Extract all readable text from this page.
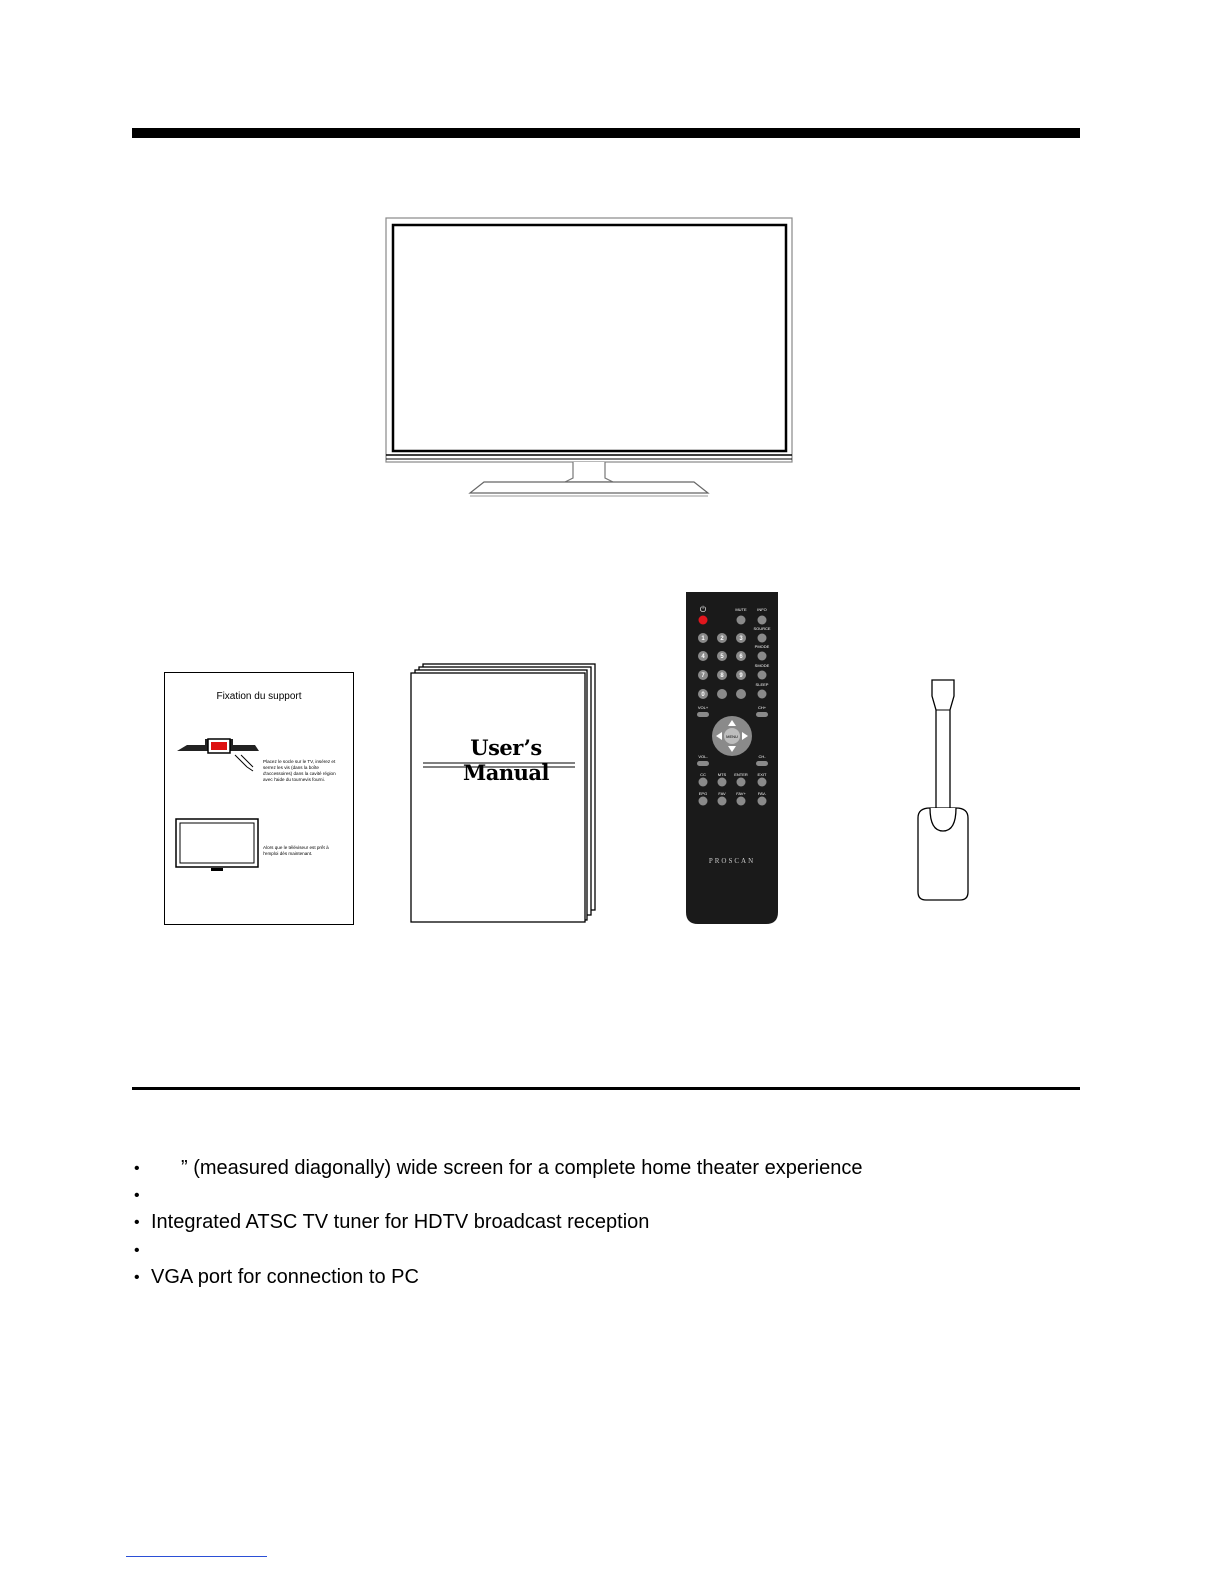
Fixation du support
Placez le socle sur le TV, insérez et serrez les vis (dans la boîte d'accessoires) dans la cavité région avec l'aide du tournevis fourni.
Alors que le téléviseur est prêt à l'emploi dès maintenant.
User’s Manual
⏻	MUTE	INFO
SOURCE
PMODE
SMODE
SLEEP
VOL+	CH+
VOL-	CH-
CC	MTS ENTER EXIT
EPG	FAV	FAV+	FAV-
1	2	3
4	5	6
7	8	9
0
MENU
PROSCAN
• ” (measured diagonally) wide screen for a complete home theater experience
•
• Integrated ATSC TV tuner for HDTV broadcast reception
•
• VGA port for connection to PC
